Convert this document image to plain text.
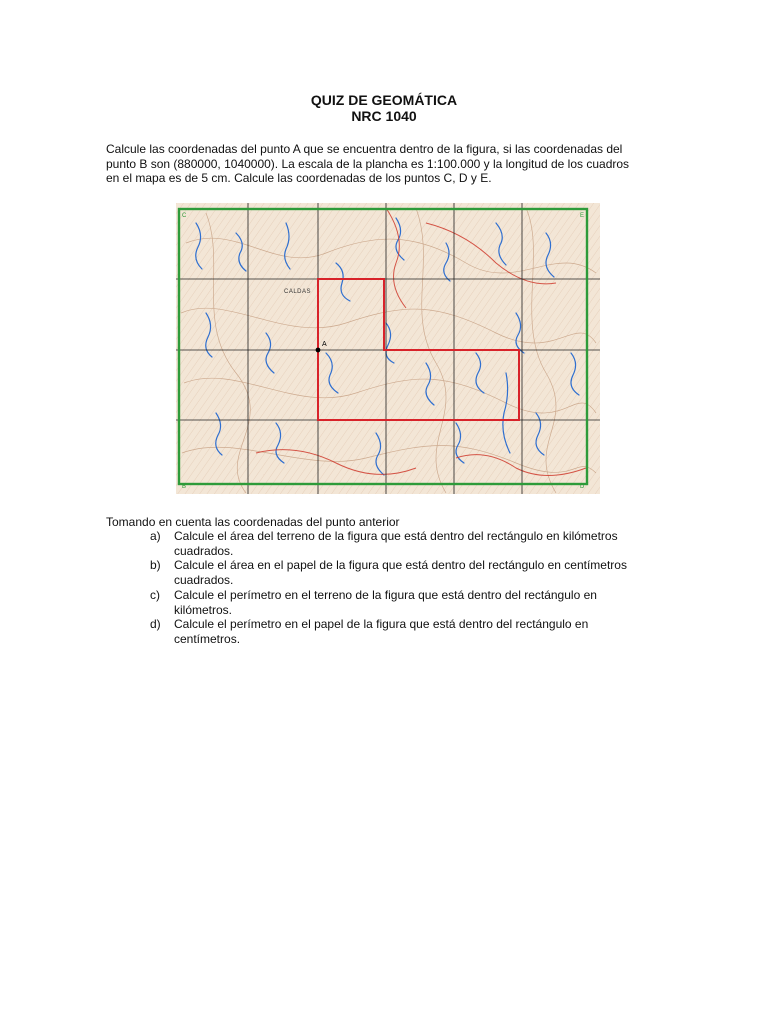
QUIZ DE GEOMÁTICA
NRC 1040
Calcule las coordenadas del punto A que se encuentra dentro de la figura, si las coordenadas del
punto B son (880000, 1040000). La escala de la plancha es 1:100.000 y la longitud de los cuadros
en el mapa es de 5 cm. Calcule las coordenadas de los puntos C, D y E.
A
B
C
D
E
CALDAS
Tomando en cuenta las coordenadas del punto anterior
a) Calcule el área del terreno de la figura que está dentro del rectángulo en kilómetros
cuadrados.
b) Calcule el área en el papel de la figura que está dentro del rectángulo en centímetros
cuadrados.
c) Calcule el perímetro en el terreno de la figura que está dentro del rectángulo en
kilómetros.
d) Calcule el perímetro en el papel de la figura que está dentro del rectángulo en
centímetros.
